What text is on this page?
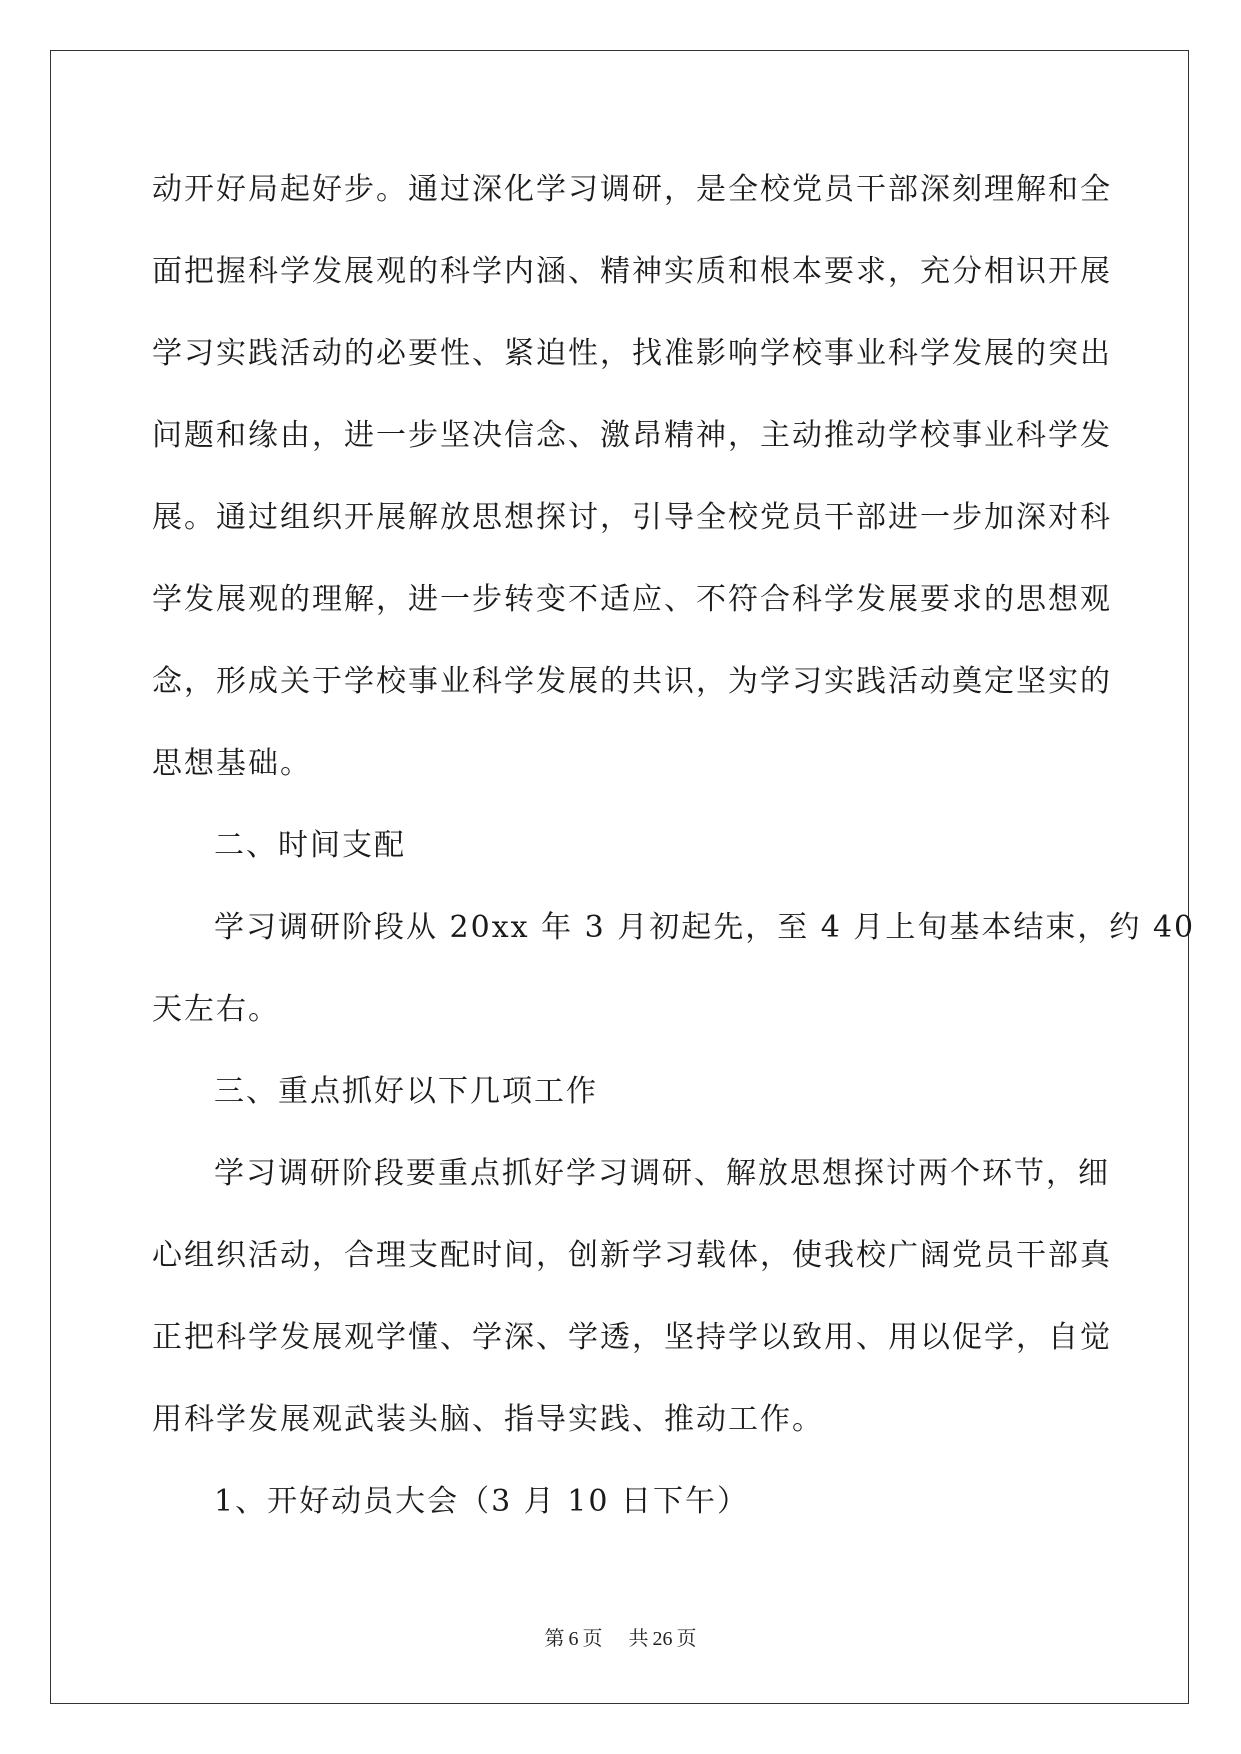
动开好局起好步。通过深化学习调研，是全校党员干部深刻理解和全
面把握科学发展观的科学内涵、精神实质和根本要求，充分相识开展
学习实践活动的必要性、紧迫性，找准影响学校事业科学发展的突出
问题和缘由，进一步坚决信念、激昂精神，主动推动学校事业科学发
展。通过组织开展解放思想探讨，引导全校党员干部进一步加深对科
学发展观的理解，进一步转变不适应、不符合科学发展要求的思想观
念，形成关于学校事业科学发展的共识，为学习实践活动奠定坚实的
思想基础。
二、时间支配
学习调研阶段从 20xx 年 3 月初起先，至 4 月上旬基本结束，约 40
天左右。
三、重点抓好以下几项工作
学习调研阶段要重点抓好学习调研、解放思想探讨两个环节，细
心组织活动，合理支配时间，创新学习载体，使我校广阔党员干部真
正把科学发展观学懂、学深、学透，坚持学以致用、用以促学，自觉
用科学发展观武装头脑、指导实践、推动工作。
1、开好动员大会（3 月 10 日下午）
第 6 页 共 26 页
